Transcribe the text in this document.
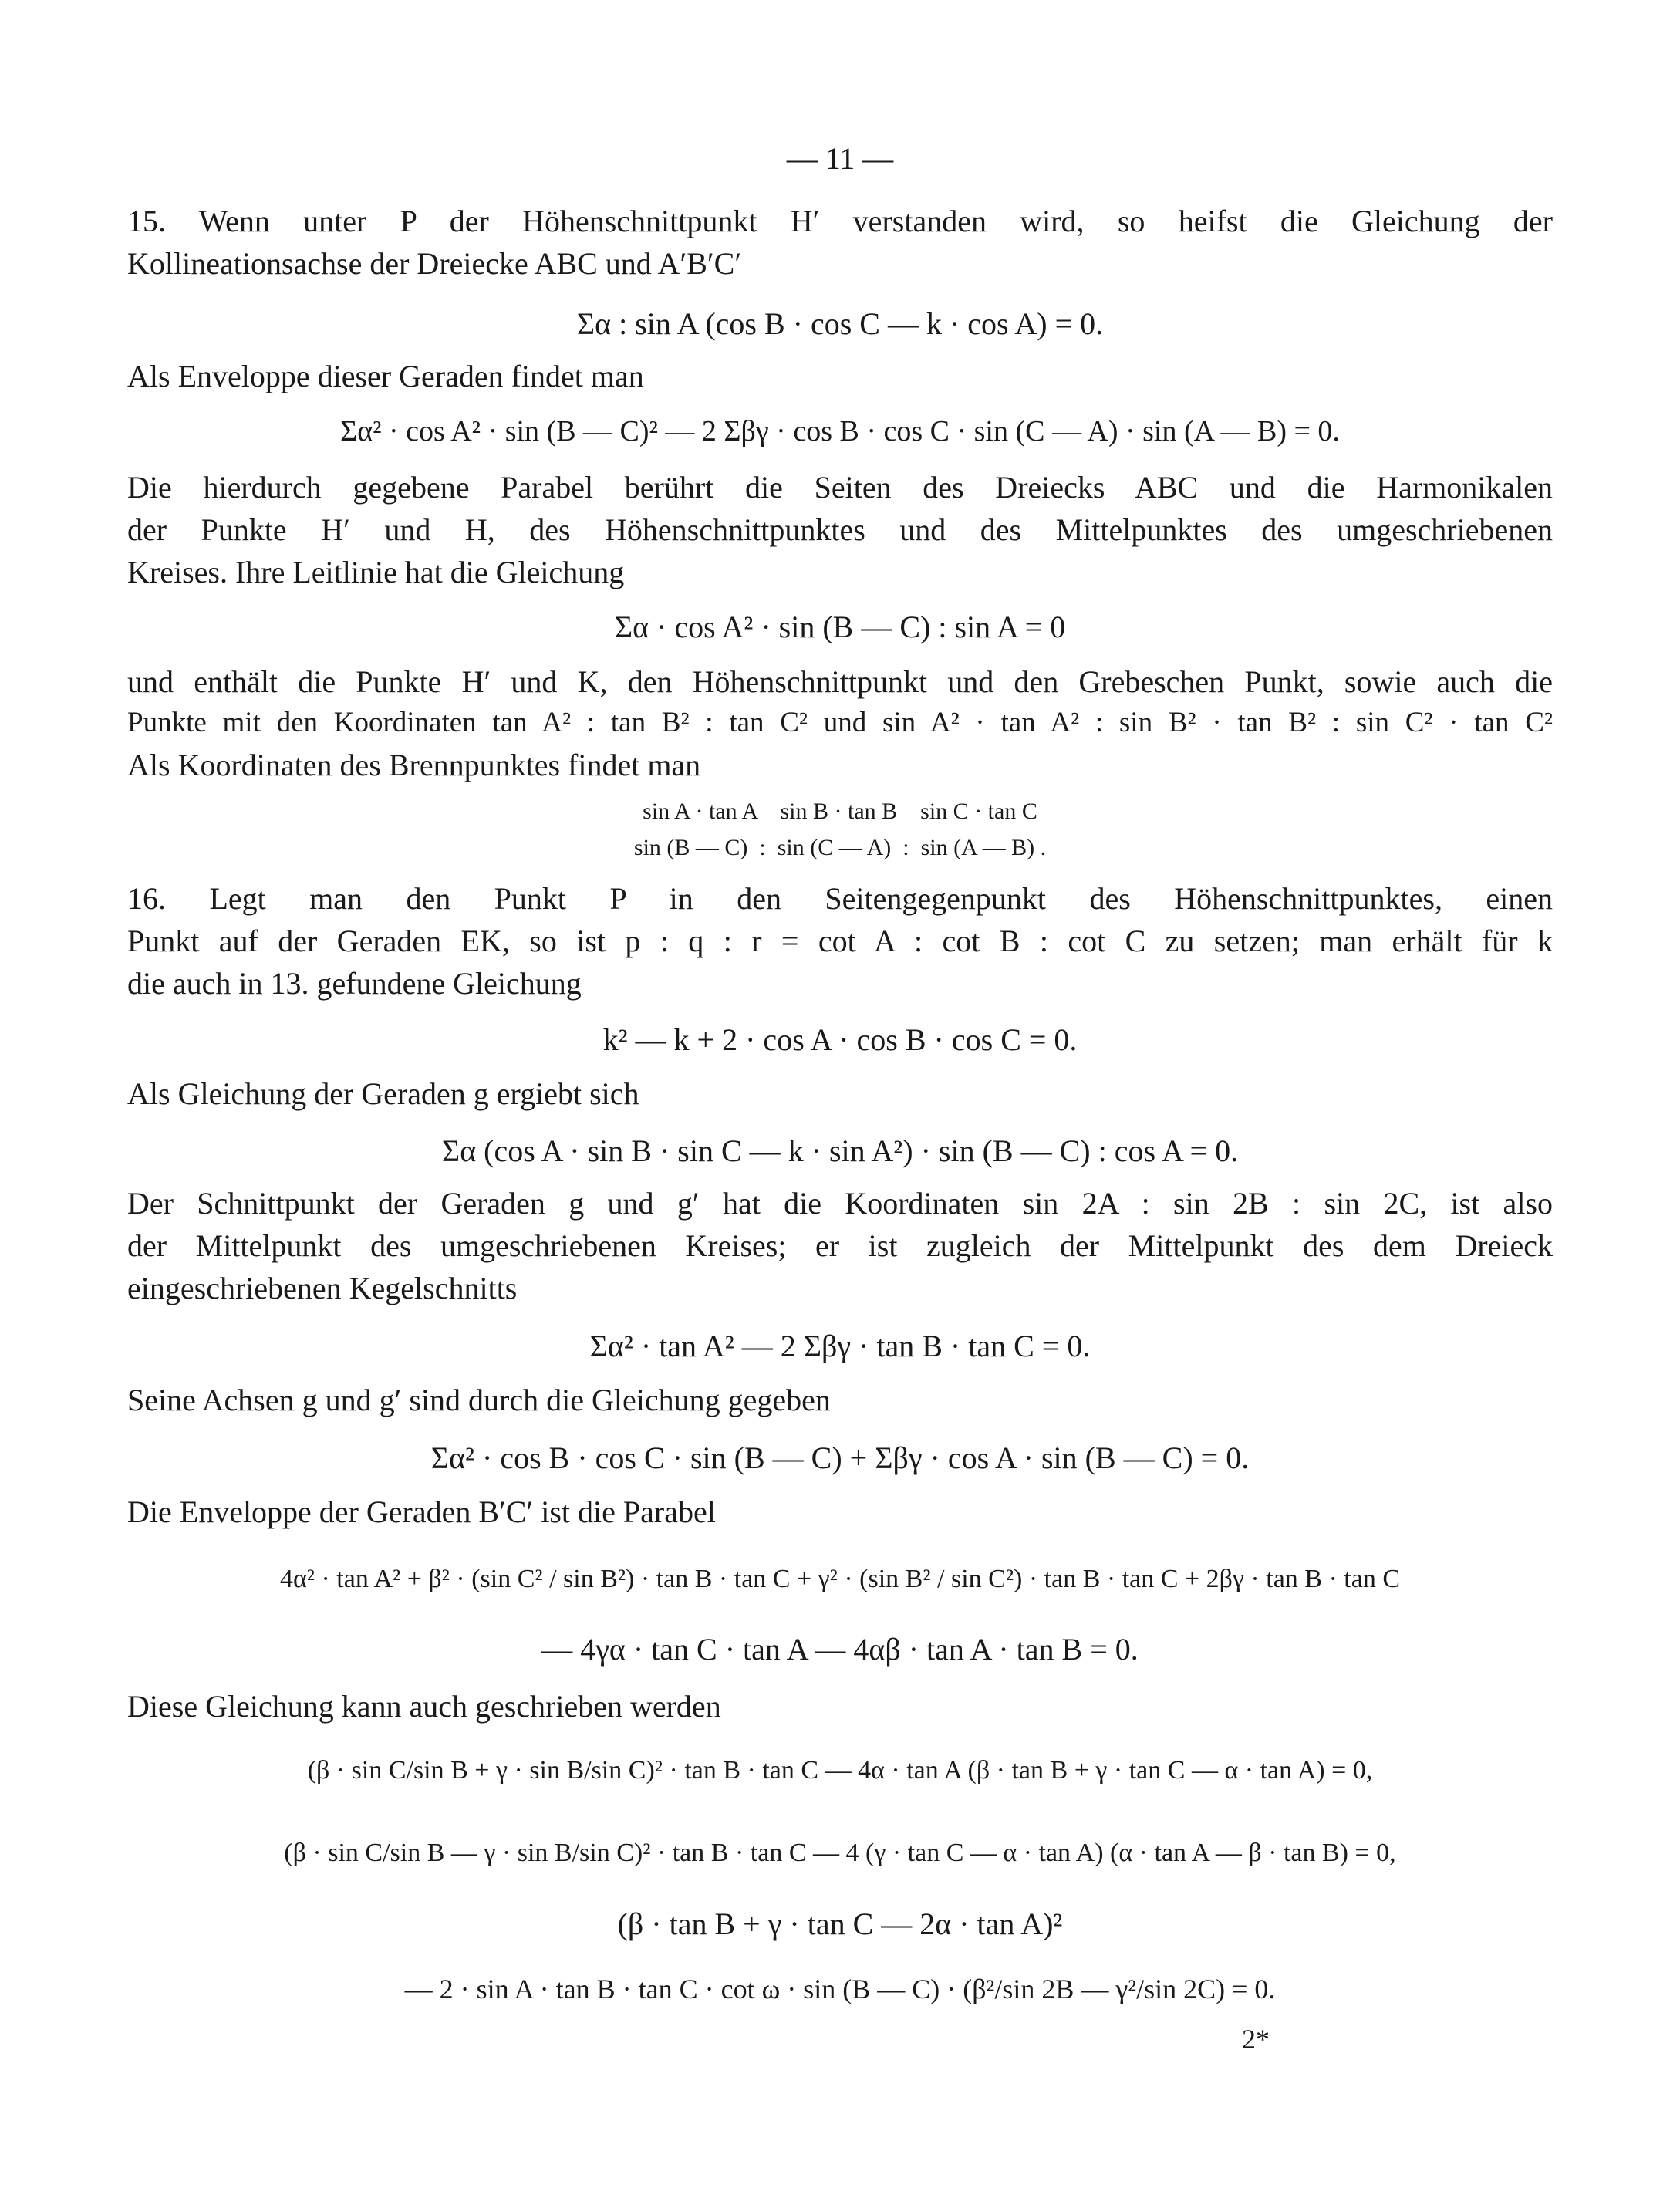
— 11 —
15. Wenn unter P der Höhenschnittpunkt H′ verstanden wird, so heifst die Gleichung der
Kollineationsachse der Dreiecke ABC und A′B′C′
Σα : sin A (cos B · cos C — k · cos A) = 0.
Als Enveloppe dieser Geraden findet man
Σα² · cos A² · sin (B — C)² — 2 Σβγ · cos B · cos C · sin (C — A) · sin (A — B) = 0.
Die hierdurch gegebene Parabel berührt die Seiten des Dreiecks ABC und die Harmonikalen
der Punkte H′ und H, des Höhenschnittpunktes und des Mittelpunktes des umgeschriebenen
Kreises. Ihre Leitlinie hat die Gleichung
Σα · cos A² · sin (B — C) : sin A = 0
und enthält die Punkte H′ und K, den Höhenschnittpunkt und den Grebeschen Punkt, sowie auch die
Punkte mit den Koordinaten tan A² : tan B² : tan C² und sin A² · tan A² : sin B² · tan B² : sin C² · tan C²
Als Koordinaten des Brennpunktes findet man
sin A · tan A    sin B · tan B    sin C · tan C
sin (B — C)  :  sin (C — A)  :  sin (A — B) .
16. Legt man den Punkt P in den Seitengegenpunkt des Höhenschnittpunktes, einen
Punkt auf der Geraden EK, so ist p : q : r = cot A : cot B : cot C zu setzen; man erhält für k
die auch in 13. gefundene Gleichung
k² — k + 2 · cos A · cos B · cos C = 0.
Als Gleichung der Geraden g ergiebt sich
Σα (cos A · sin B · sin C — k · sin A²) · sin (B — C) : cos A = 0.
Der Schnittpunkt der Geraden g und g′ hat die Koordinaten sin 2A : sin 2B : sin 2C, ist also
der Mittelpunkt des umgeschriebenen Kreises; er ist zugleich der Mittelpunkt des dem Dreieck
eingeschriebenen Kegelschnitts
Σα² · tan A² — 2 Σβγ · tan B · tan C = 0.
Seine Achsen g und g′ sind durch die Gleichung gegeben
Σα² · cos B · cos C · sin (B — C) + Σβγ · cos A · sin (B — C) = 0.
Die Enveloppe der Geraden B′C′ ist die Parabel
4α² · tan A² + β² · (sin C² / sin B²) · tan B · tan C + γ² · (sin B² / sin C²) · tan B · tan C + 2βγ · tan B · tan C
— 4γα · tan C · tan A — 4αβ · tan A · tan B = 0.
Diese Gleichung kann auch geschrieben werden
(β · sin C/sin B + γ · sin B/sin C)² · tan B · tan C — 4α · tan A (β · tan B + γ · tan C — α · tan A) = 0,
(β · sin C/sin B — γ · sin B/sin C)² · tan B · tan C — 4 (γ · tan C — α · tan A) (α · tan A — β · tan B) = 0,
(β · tan B + γ · tan C — 2α · tan A)²
— 2 · sin A · tan B · tan C · cot ω · sin (B — C) · (β²/sin 2B — γ²/sin 2C) = 0.
2*
